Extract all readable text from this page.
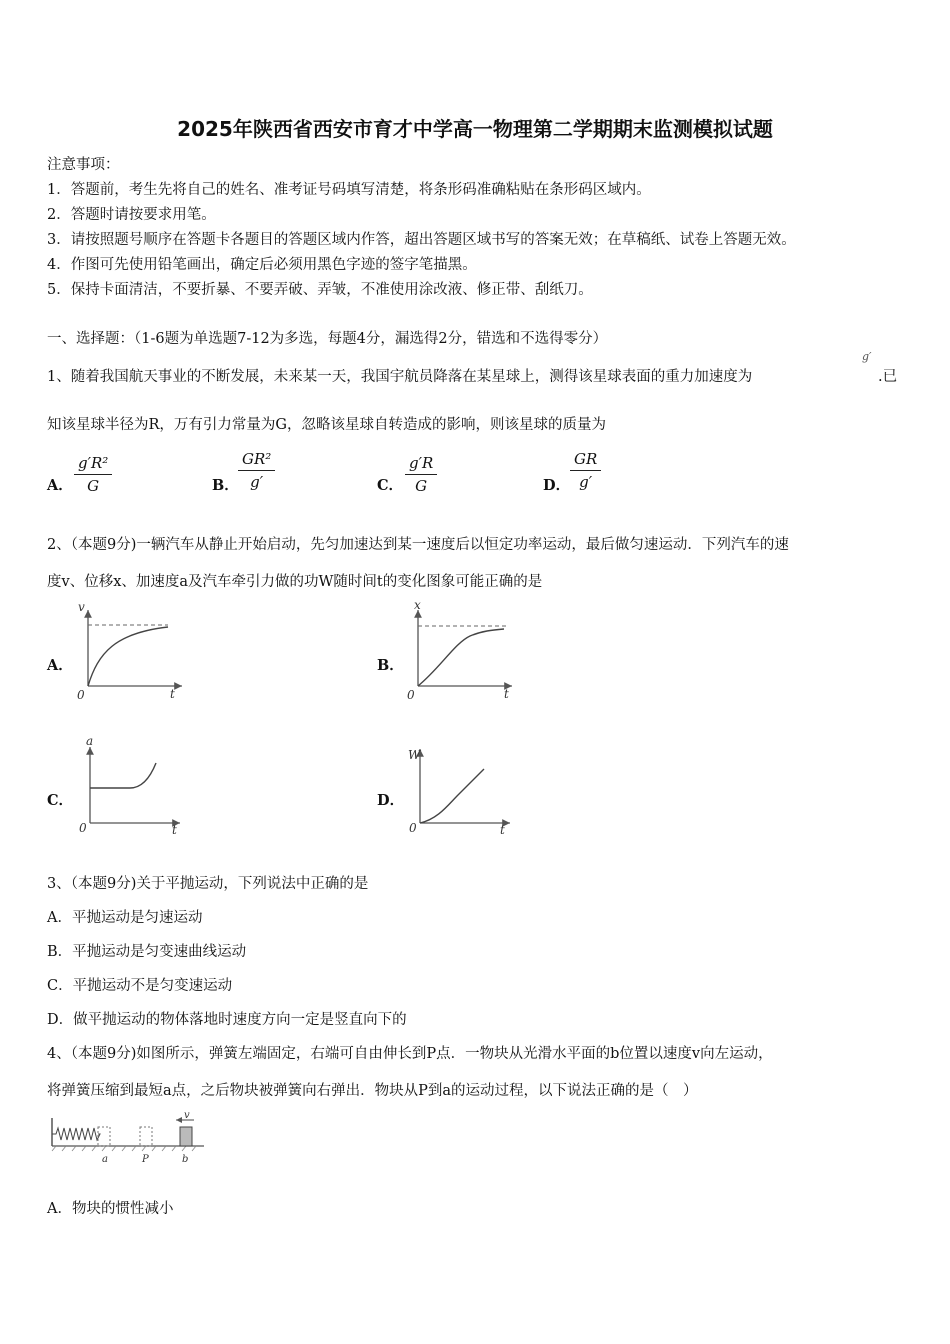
2025年陕西省西安市育才中学高一物理第二学期期末监测模拟试题
注意事项：
1．答题前，考生先将自己的姓名、准考证号码填写清楚，将条形码准确粘贴在条形码区域内。
2．答题时请按要求用笔。
3．请按照题号顺序在答题卡各题目的答题区域内作答，超出答题区域书写的答案无效；在草稿纸、试卷上答题无效。
4．作图可先使用铅笔画出，确定后必须用黑色字迹的签字笔描黑。
5．保持卡面清洁，不要折暴、不要弄破、弄皱，不准使用涂改液、修正带、刮纸刀。
一、选择题：（1-6题为单选题7-12为多选，每题4分，漏选得2分，错选和不选得零分）
1、随着我国航天事业的不断发展，未来某一天，我国宇航员降落在某星球上，测得该星球表面的重力加速度为
g′
.已
知该星球半径为R，万有引力常量为G，忽略该星球自转造成的影响，则该星球的质量为
A． $\frac{\text{g′R²}}{G}$	B． $\frac{\text{GR²}}{g'}$	C． $\frac{g'R}{G}$	D． $\frac{GR}{g'}$
2、（本题9分)一辆汽车从静止开始启动，先匀加速达到某一速度后以恒定功率运动，最后做匀速运动．下列汽车的速
度v、位移x、加速度a及汽车牵引力做的功W随时间t的变化图象可能正确的是
A．
v
t
0
B．
x
t
0
C．
a
t
0
D．
W
t
0
3、（本题9分)关于平抛运动，下列说法中正确的是
A．平抛运动是匀速运动
B．平抛运动是匀变速曲线运动
C．平抛运动不是匀变速运动
D．做平抛运动的物体落地时速度方向一定是竖直向下的
4、（本题9分)如图所示，弹簧左端固定，右端可自由伸长到P点．一物块从光滑水平面的b位置以速度v向左运动，
将弹簧压缩到最短a点，之后物块被弹簧向右弹出．物块从P到a的运动过程，以下说法正确的是（　）
v
a	P	b
A．物块的惯性减小
